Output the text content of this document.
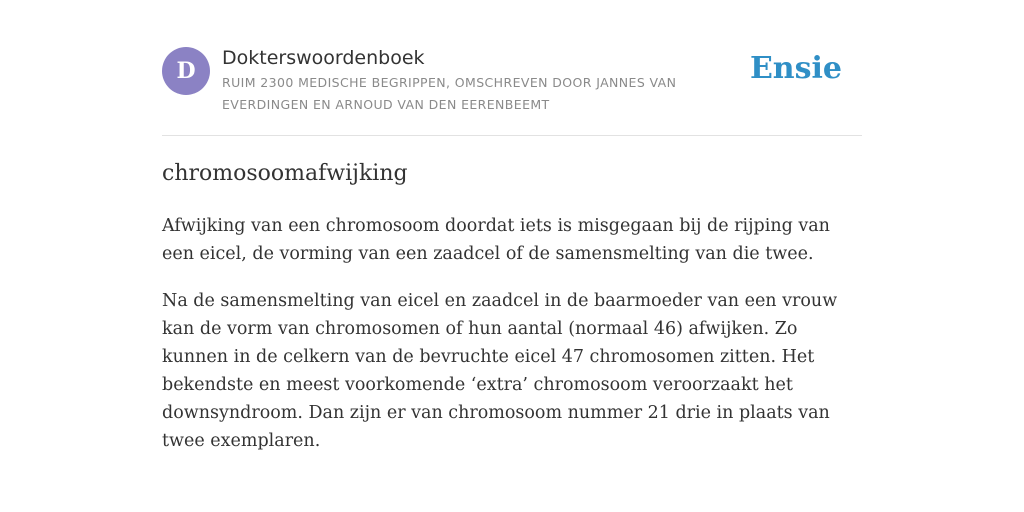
D	Dokterswoordenboek
RUIM 2300 MEDISCHE BEGRIPPEN, OMSCHREVEN DOOR JANNES VAN EVERDINGEN EN ARNOUD VAN DEN EERENBEEMT
Ensie
chromosoomafwijking

Afwijking van een chromosoom doordat iets is misgegaan bij de rijping van een eicel, de vorming van een zaadcel of de samensmelting van die twee.

Na de samensmelting van eicel en zaadcel in de baarmoeder van een vrouw kan de vorm van chromosomen of hun aantal (normaal 46) afwijken. Zo kunnen in de celkern van de bevruchte eicel 47 chromosomen zitten. Het bekendste en meest voorkomende ‘extra’ chromosoom veroorzaakt het downsyndroom. Dan zijn er van chromosoom nummer 21 drie in plaats van twee exemplaren.
